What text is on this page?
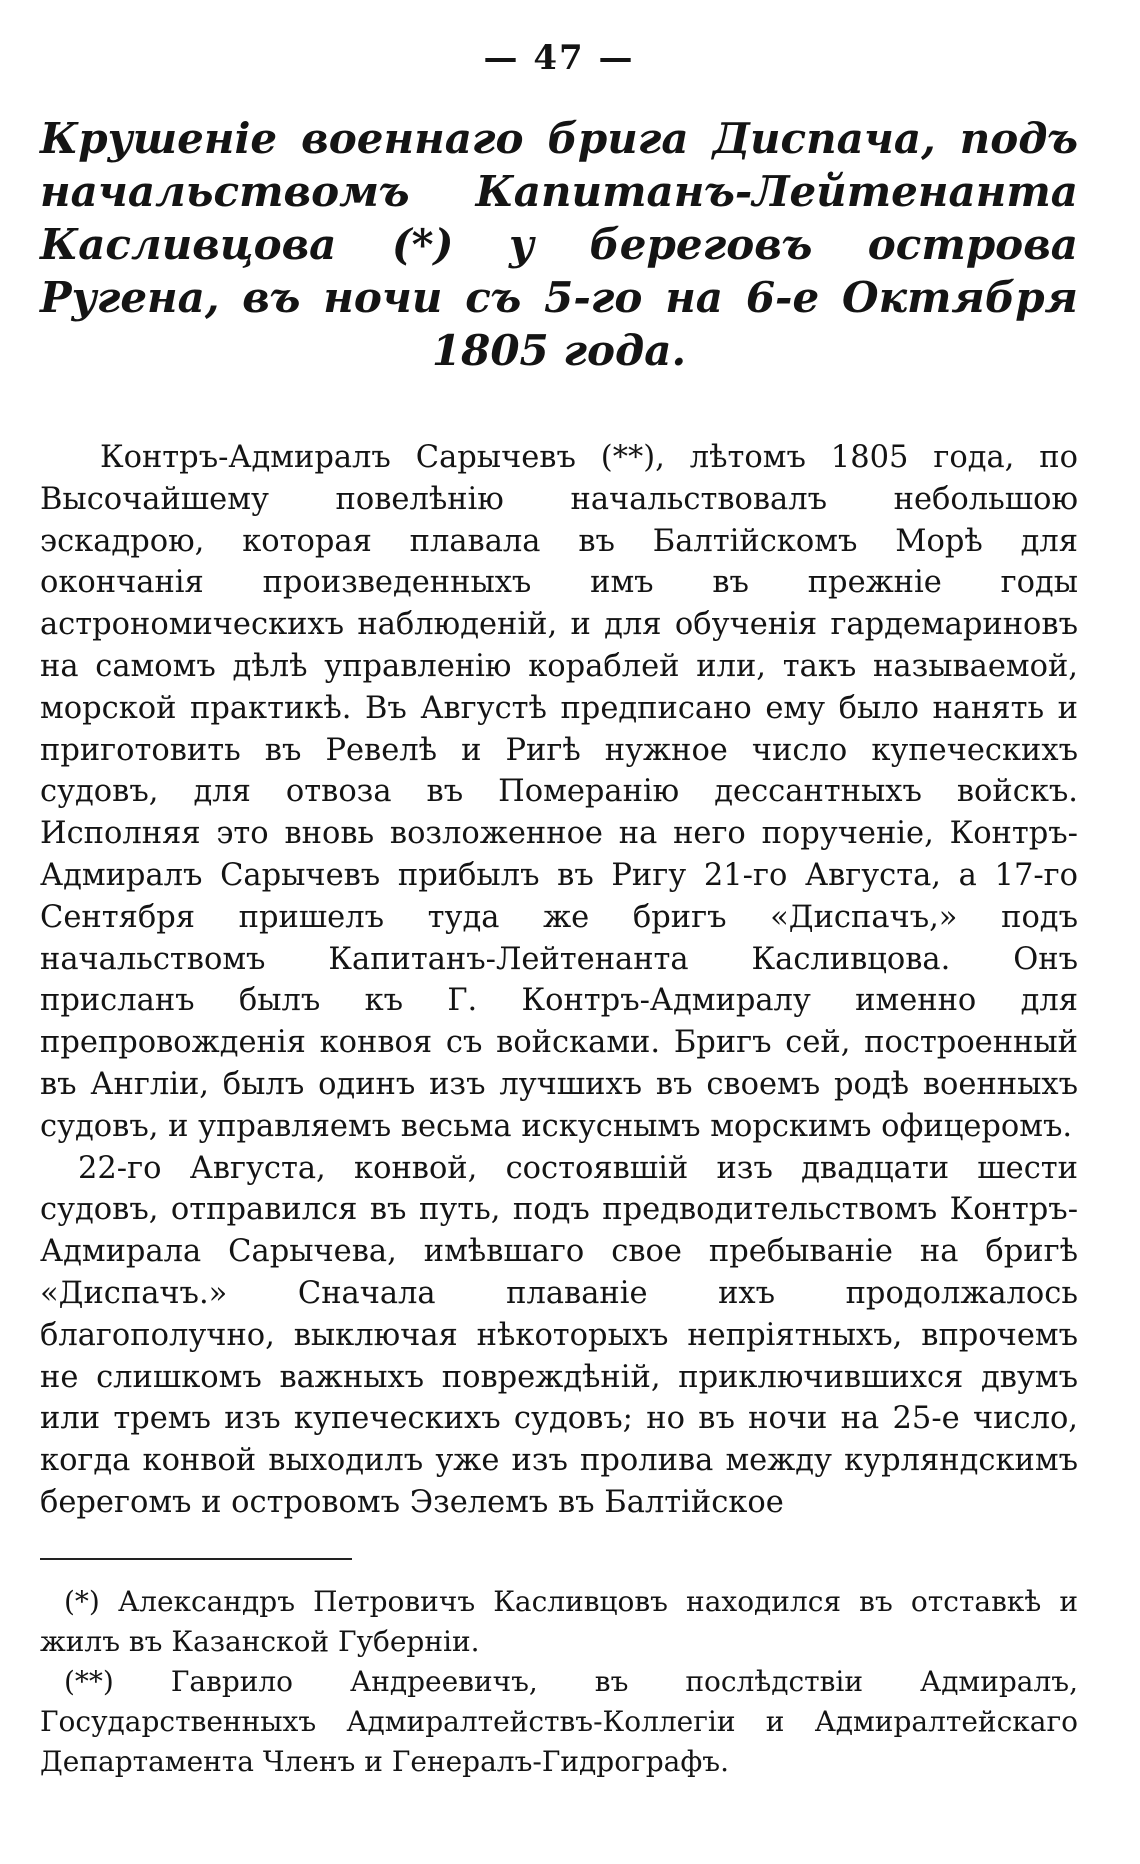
— 47 —
Крушеніе военнаго брига Диспача, подъ начальствомъ Капитанъ-Лейтенанта Касливцова (*) у береговъ острова Ругена, въ ночи съ 5-го на 6-е Октября 1805 года.

Контръ-Адмиралъ Сарычевъ (**), лѣтомъ 1805 года, по Высочайшему повелѣнію начальствовалъ небольшою эскадрою, которая плавала въ Балтійскомъ Морѣ для окончанія произведенныхъ имъ въ прежніе годы астрономическихъ наблюденій, и для обученія гардемариновъ на самомъ дѣлѣ управленію кораблей или, такъ называемой, морской практикѣ. Въ Августѣ предписано ему было нанять и приготовить въ Ревелѣ и Ригѣ нужное число купеческихъ судовъ, для отвоза въ Померанію дессантныхъ войскъ. Исполняя это вновь возложенное на него порученіе, Контръ-Адмиралъ Сарычевъ прибылъ въ Ригу 21-го Августа, а 17-го Сентября пришелъ туда же бригъ «Диспачъ,» подъ начальствомъ Капитанъ-Лейтенанта Касливцова. Онъ присланъ былъ къ Г. Контръ-Адмиралу именно для препровожденія конвоя съ войсками. Бригъ сей, построенный въ Англіи, былъ одинъ изъ лучшихъ въ своемъ родѣ военныхъ судовъ, и управляемъ весьма искуснымъ морскимъ офицеромъ.

22-го Августа, конвой, состоявшій изъ двадцати шести судовъ, отправился въ путь, подъ предводительствомъ Контръ-Адмирала Сарычева, имѣвшаго свое пребываніе на бригѣ «Диспачъ.» Сначала плаваніе ихъ продолжалось благополучно, выключая нѣкоторыхъ непріятныхъ, впрочемъ не слишкомъ важныхъ повреждѣній, приключившихся двумъ или тремъ изъ купеческихъ судовъ; но въ ночи на 25-е число, когда конвой выходилъ уже изъ пролива между курляндскимъ берегомъ и островомъ Эзелемъ въ Балтійское

(*) Александръ Петровичъ Касливцовъ находился въ отставкѣ и жилъ въ Казанской Губерніи.

(**) Гаврило Андреевичъ, въ послѣдствіи Адмиралъ, Государственныхъ Адмиралтействъ-Коллегіи и Адмиралтейскаго Департамента Членъ и Генералъ-Гидрографъ.
